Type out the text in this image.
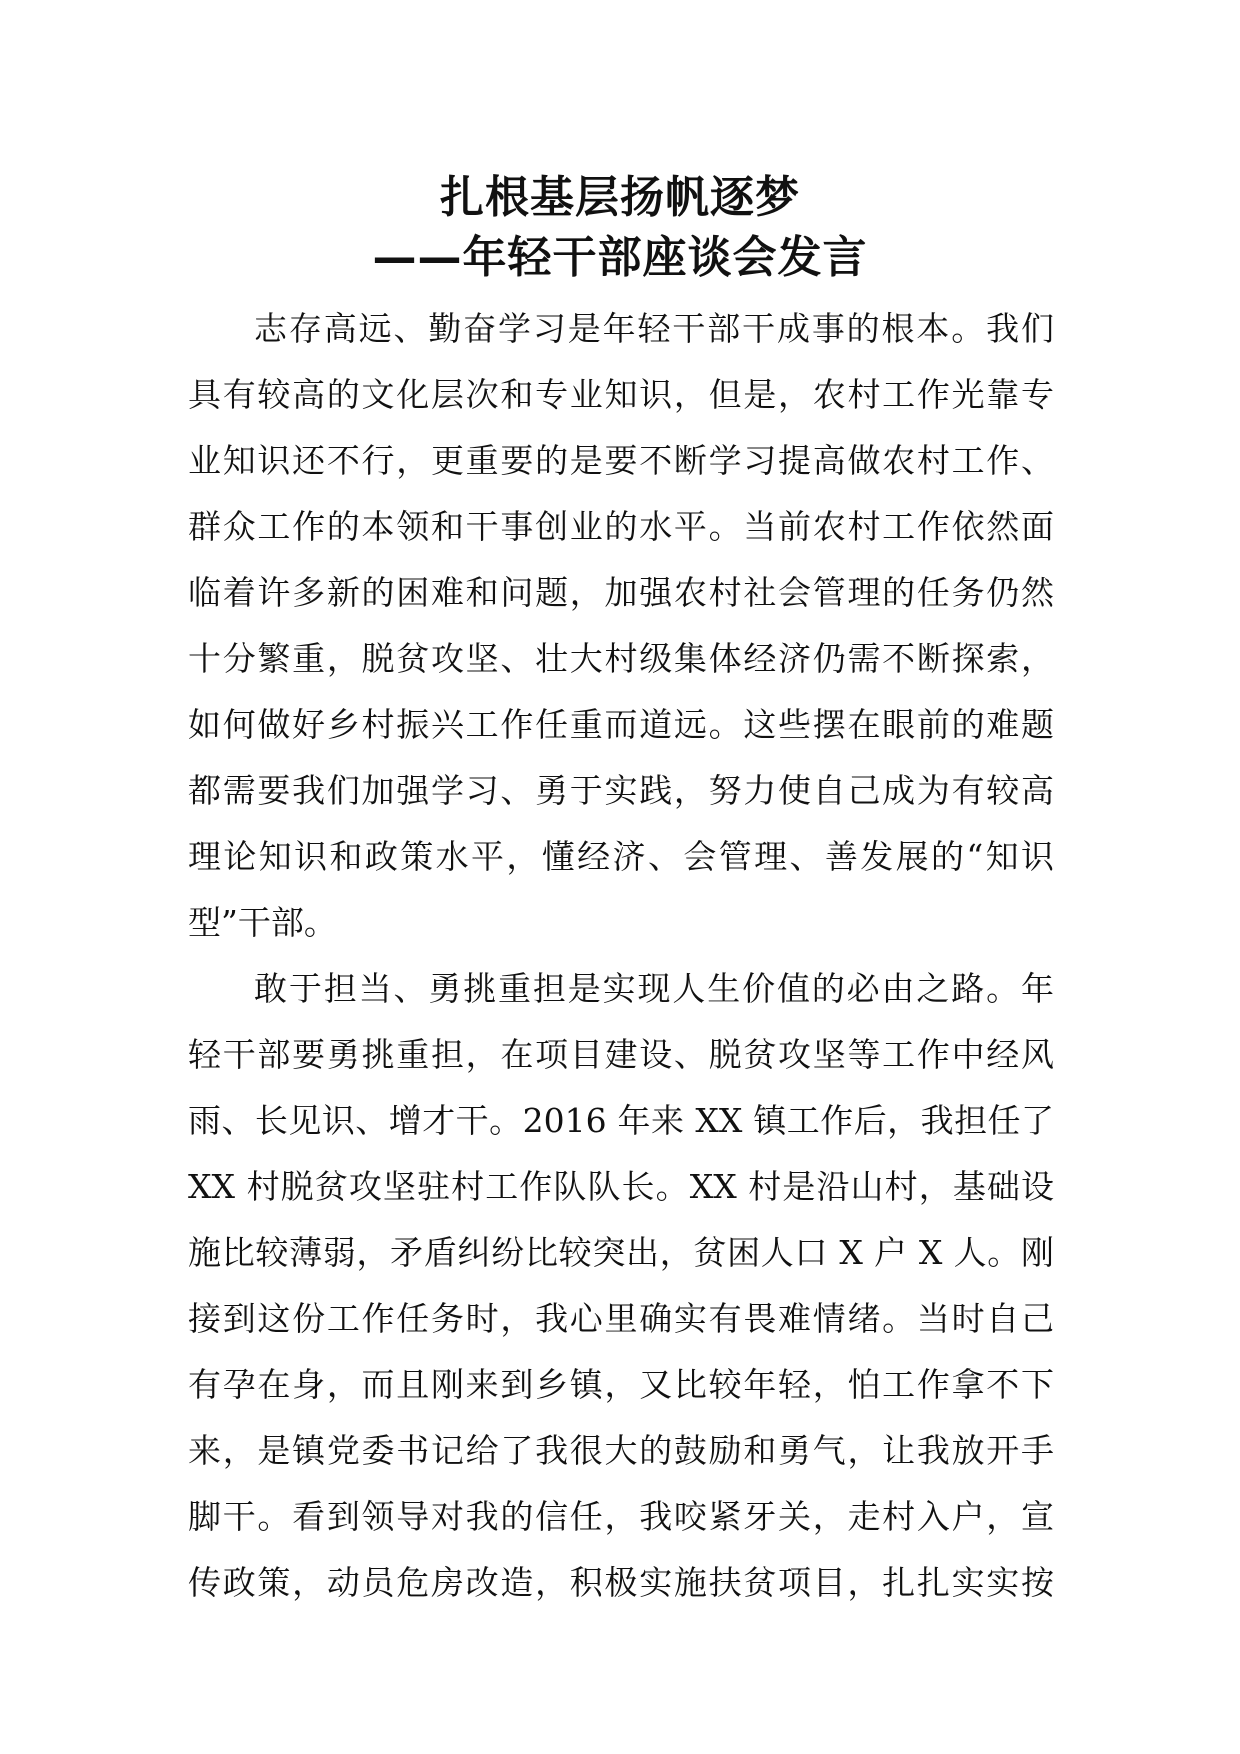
扎根基层扬帆逐梦
——年轻干部座谈会发言
志存高远、勤奋学习是年轻干部干成事的根本。我们
具有较高的文化层次和专业知识，但是，农村工作光靠专
业知识还不行，更重要的是要不断学习提高做农村工作、
群众工作的本领和干事创业的水平。当前农村工作依然面
临着许多新的困难和问题，加强农村社会管理的任务仍然
十分繁重，脱贫攻坚、壮大村级集体经济仍需不断探索，
如何做好乡村振兴工作任重而道远。这些摆在眼前的难题
都需要我们加强学习、勇于实践，努力使自己成为有较高
理论知识和政策水平，懂经济、会管理、善发展的“知识
型”干部。
敢于担当、勇挑重担是实现人生价值的必由之路。年
轻干部要勇挑重担，在项目建设、脱贫攻坚等工作中经风
雨、长见识、增才干。2016 年来 XX 镇工作后，我担任了
XX 村脱贫攻坚驻村工作队队长。XX 村是沿山村，基础设
施比较薄弱，矛盾纠纷比较突出，贫困人口 X 户 X 人。刚
接到这份工作任务时，我心里确实有畏难情绪。当时自己
有孕在身，而且刚来到乡镇，又比较年轻，怕工作拿不下
来，是镇党委书记给了我很大的鼓励和勇气，让我放开手
脚干。看到领导对我的信任，我咬紧牙关，走村入户，宣
传政策，动员危房改造，积极实施扶贫项目，扎扎实实按
